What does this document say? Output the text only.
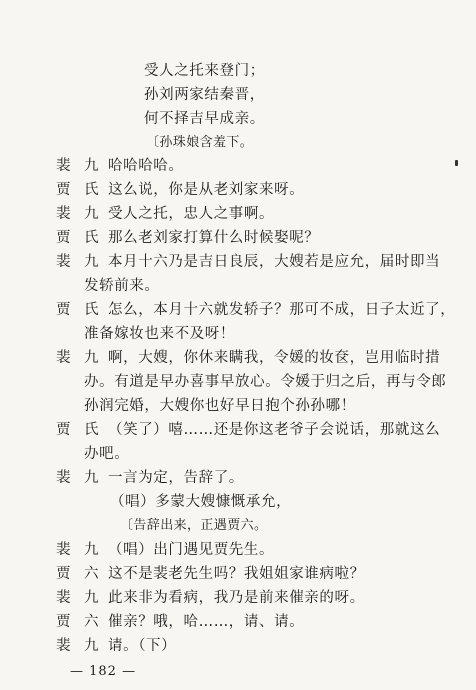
受人之托来登门；
孙刘两家结秦晋，
何不择吉早成亲。
〔孙珠娘含羞下。
裴 九 哈哈哈哈。
贾 氏 这么说，你是从老刘家来呀。
裴 九 受人之托，忠人之事啊。
贾 氏 那么老刘家打算什么时候娶呢？
裴 九 本月十六乃是吉日良辰，大嫂若是应允，届时即当
发轿前来。
贾 氏 怎么，本月十六就发轿子？那可不成，日子太近了，
准备嫁妆也来不及呀！
裴 九 啊，大嫂，你休来瞒我，令媛的妆奁，岂用临时措
办。有道是早办喜事早放心。令媛于归之后，再与令郎
孙润完婚，大嫂你也好早日抱个孙孙哪！
贾 氏 （笑了）嘻……还是你这老爷子会说话，那就这么
办吧。
裴 九 一言为定，告辞了。
（唱）多蒙大嫂慷慨承允，
〔告辞出来，正遇贾六。
裴 九 （唱）出门遇见贾先生。
贾 六 这不是裴老先生吗？我姐姐家谁病啦？
裴 九 此来非为看病，我乃是前来催亲的呀。
贾 六 催亲？哦，哈……，请、请。
裴 九 请。（下）
— 182 —
